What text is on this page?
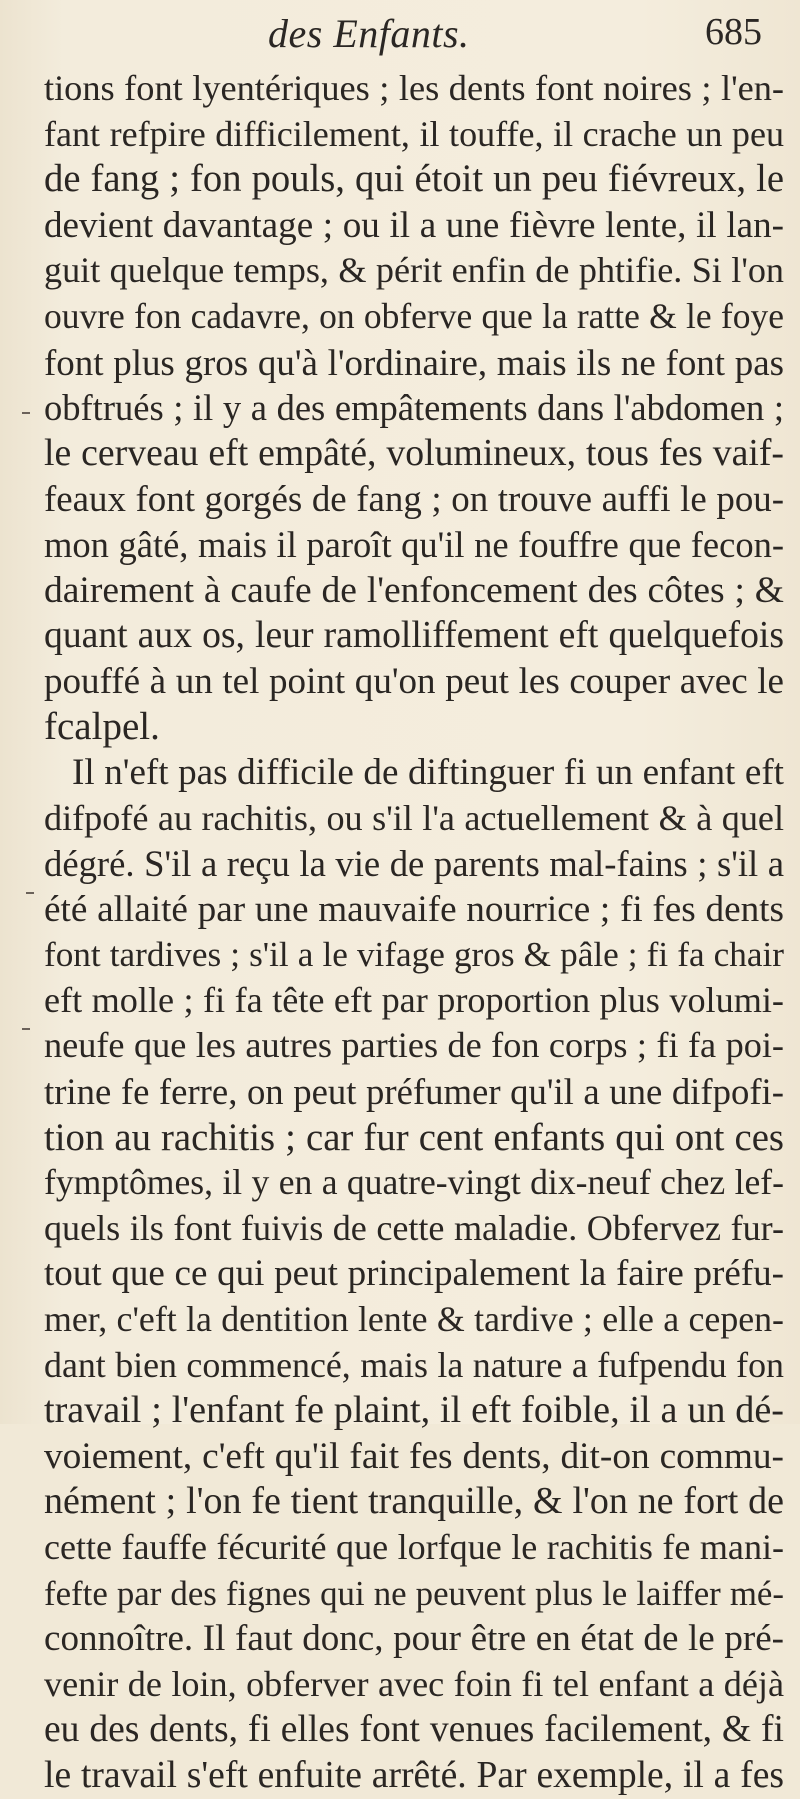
des Enfants.	685
tions font lyentériques ; les dents font noires ; l'en-
fant refpire difficilement, il touffe, il crache un peu
de fang ; fon pouls, qui étoit un peu fiévreux, le
devient davantage ; ou il a une fièvre lente, il lan-
guit quelque temps, & périt enfin de phtifie. Si l'on
ouvre fon cadavre, on obferve que la ratte & le foye
font plus gros qu'à l'ordinaire, mais ils ne font pas
obftrués ; il y a des empâtements dans l'abdomen ;
le cerveau eft empâté, volumineux, tous fes vaif-
feaux font gorgés de fang ; on trouve auffi le pou-
mon gâté, mais il paroît qu'il ne fouffre que fecon-
dairement à caufe de l'enfoncement des côtes ; &
quant aux os, leur ramolliffement eft quelquefois
pouffé à un tel point qu'on peut les couper avec le
fcalpel.
Il n'eft pas difficile de diftinguer fi un enfant eft
difpofé au rachitis, ou s'il l'a actuellement & à quel
dégré. S'il a reçu la vie de parents mal-fains ; s'il a
été allaité par une mauvaife nourrice ; fi fes dents
font tardives ; s'il a le vifage gros & pâle ; fi fa chair
eft molle ; fi fa tête eft par proportion plus volumi-
neufe que les autres parties de fon corps ; fi fa poi-
trine fe ferre, on peut préfumer qu'il a une difpofi-
tion au rachitis ; car fur cent enfants qui ont ces
fymptômes, il y en a quatre-vingt dix-neuf chez lef-
quels ils font fuivis de cette maladie. Obfervez fur-
tout que ce qui peut principalement la faire préfu-
mer, c'eft la dentition lente & tardive ; elle a cepen-
dant bien commencé, mais la nature a fufpendu fon
travail ; l'enfant fe plaint, il eft foible, il a un dé-
voiement, c'eft qu'il fait fes dents, dit-on commu-
nément ; l'on fe tient tranquille, & l'on ne fort de
cette fauffe fécurité que lorfque le rachitis fe mani-
fefte par des fignes qui ne peuvent plus le laiffer mé-
connoître. Il faut donc, pour être en état de le pré-
venir de loin, obferver avec foin fi tel enfant a déjà
eu des dents, fi elles font venues facilement, & fi
le travail s'eft enfuite arrêté. Par exemple, il a fes
